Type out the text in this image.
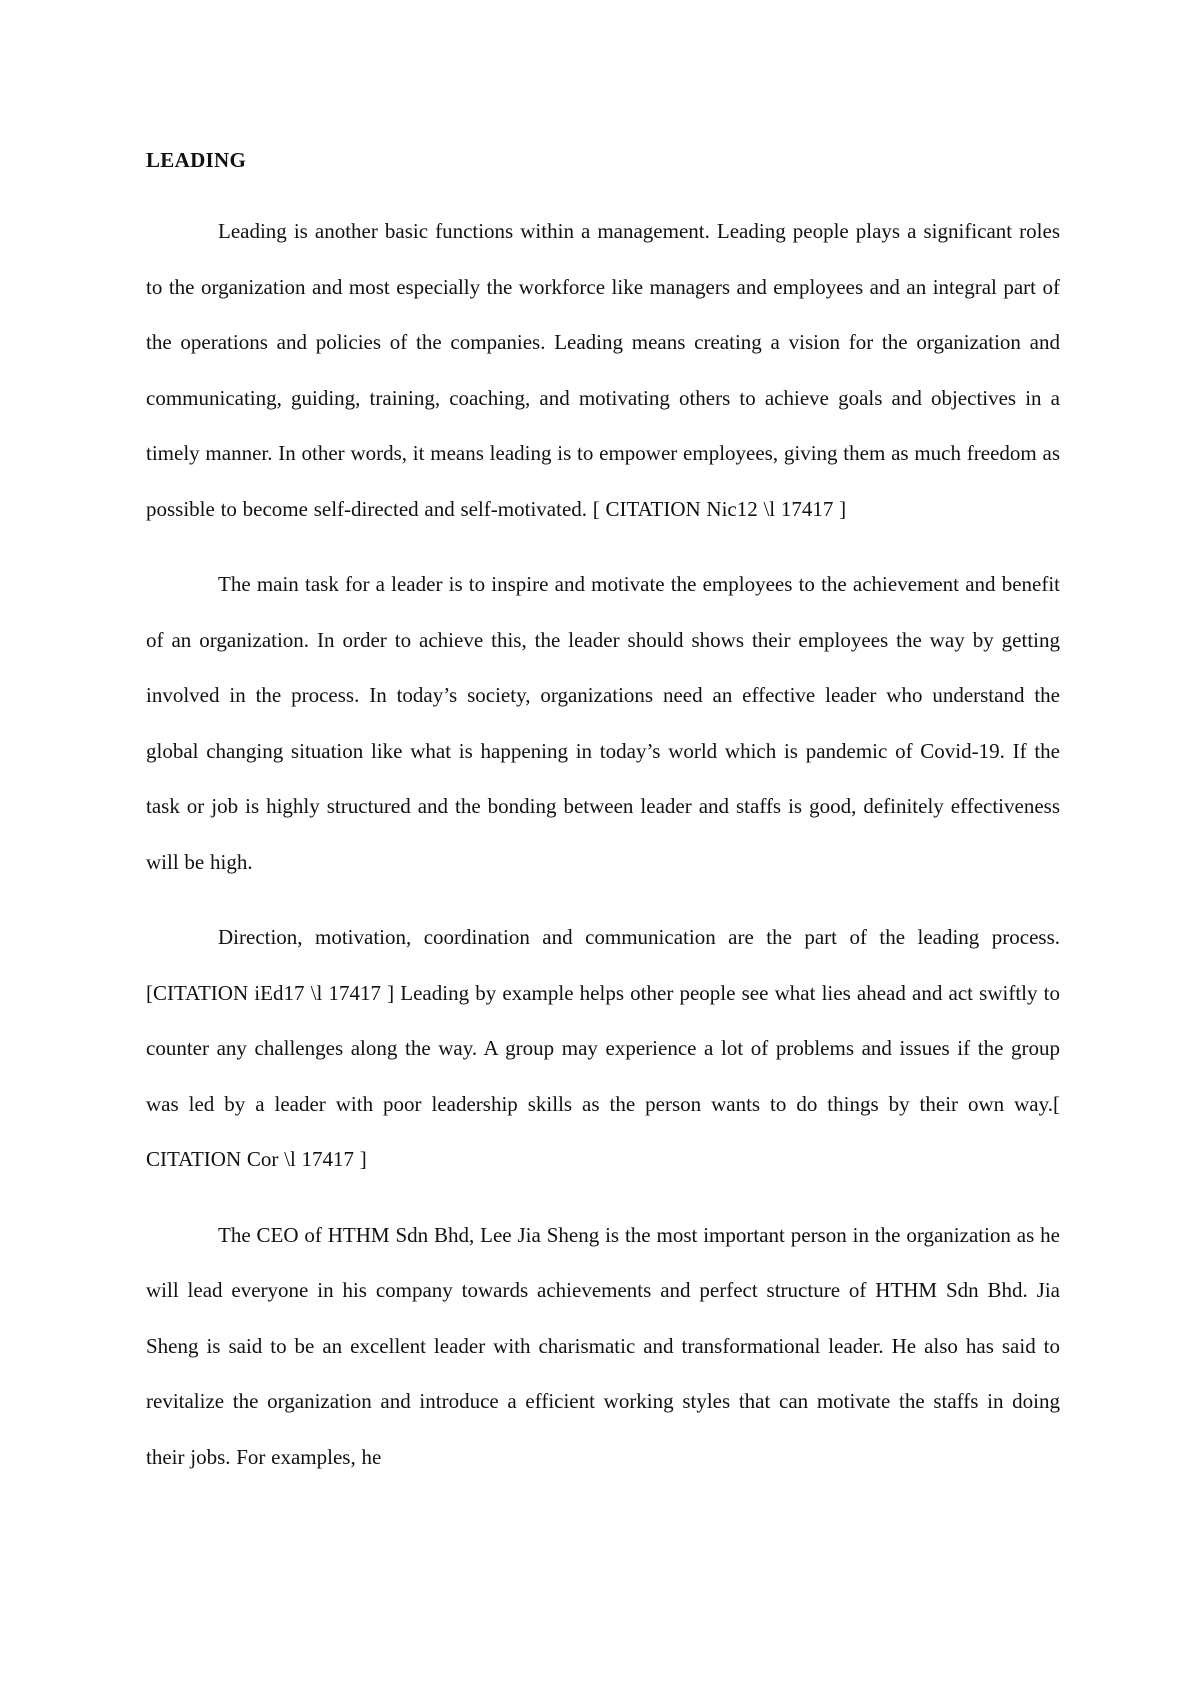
LEADING

Leading is another basic functions within a management. Leading people plays a significant roles to the organization and most especially the workforce like managers and employees and an integral part of the operations and policies of the companies. Leading means creating a vision for the organization and communicating, guiding, training, coaching, and motivating others to achieve goals and objectives in a timely manner. In other words, it means leading is to empower employees, giving them as much freedom as possible to become self-directed and self-motivated. [ CITATION Nic12 \l 17417 ]

The main task for a leader is to inspire and motivate the employees to the achievement and benefit of an organization. In order to achieve this, the leader should shows their employees the way by getting involved in the process. In today’s society, organizations need an effective leader who understand the global changing situation like what is happening in today’s world which is pandemic of Covid-19. If the task or job is highly structured and the bonding between leader and staffs is good, definitely effectiveness will be high.

Direction, motivation, coordination and communication are the part of the leading process. [CITATION iEd17 \l 17417 ] Leading by example helps other people see what lies ahead and act swiftly to counter any challenges along the way. A group may experience a lot of problems and issues if the group was led by a leader with poor leadership skills as the person wants to do things by their own way.[ CITATION Cor \l 17417 ]

The CEO of HTHM Sdn Bhd, Lee Jia Sheng is the most important person in the organization as he will lead everyone in his company towards achievements and perfect structure of HTHM Sdn Bhd. Jia Sheng is said to be an excellent leader with charismatic and transformational leader. He also has said to revitalize the organization and introduce a efficient working styles that can motivate the staffs in doing their jobs. For examples, he
